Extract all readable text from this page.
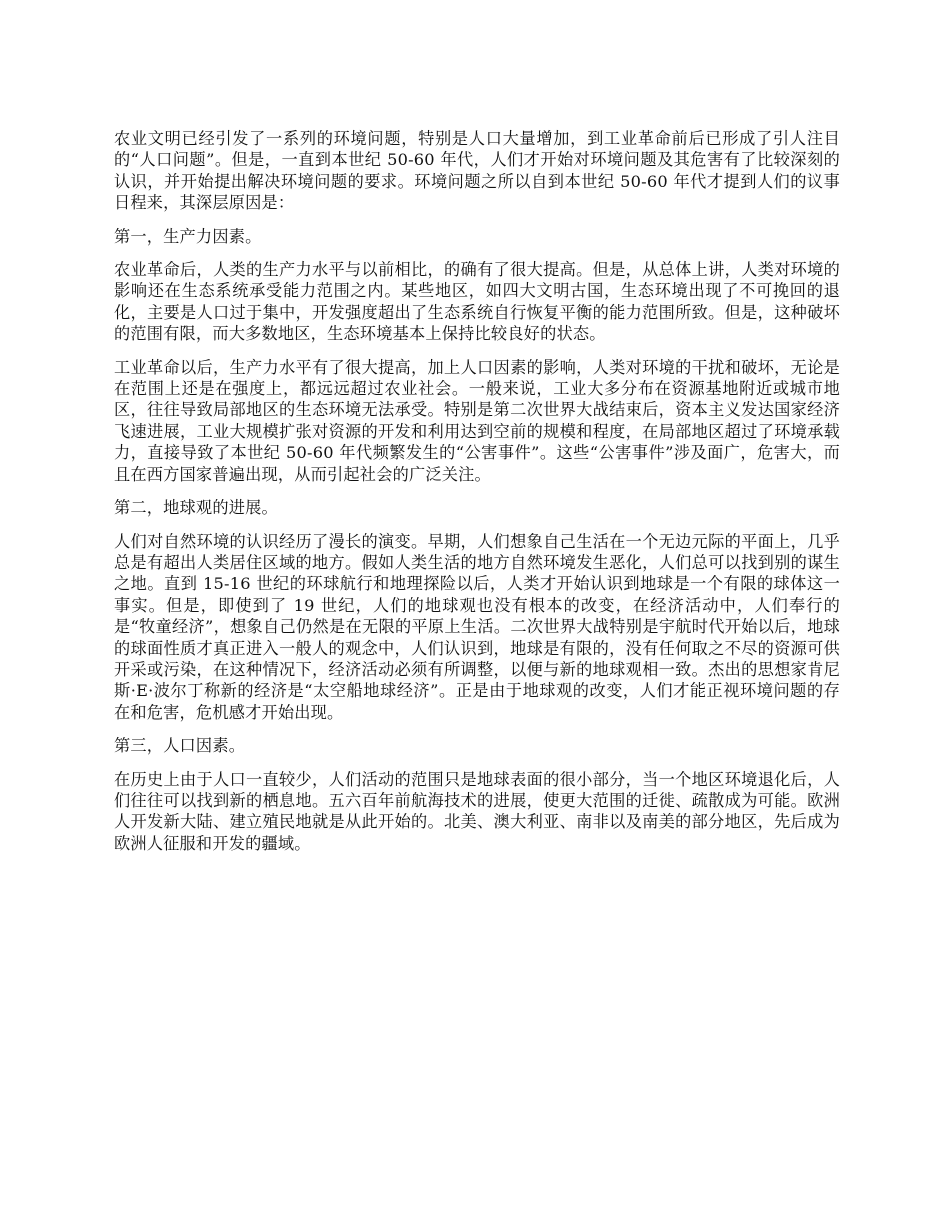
农业文明已经引发了一系列的环境问题，特别是人口大量增加，到工业革命前后已形成了引人注目的“人口问题”。但是，一直到本世纪 50-60 年代，人们才开始对环境问题及其危害有了比较深刻的认识，并开始提出解决环境问题的要求。环境问题之所以自到本世纪 50-60 年代才提到人们的议事日程来，其深层原因是：

第一，生产力因素。

农业革命后，人类的生产力水平与以前相比，的确有了很大提高。但是，从总体上讲，人类对环境的影响还在生态系统承受能力范围之内。某些地区，如四大文明古国，生态环境出现了不可挽回的退化，主要是人口过于集中，开发强度超出了生态系统自行恢复平衡的能力范围所致。但是，这种破坏的范围有限，而大多数地区，生态环境基本上保持比较良好的状态。

工业革命以后，生产力水平有了很大提高，加上人口因素的影响，人类对环境的干扰和破坏，无论是在范围上还是在强度上，都远远超过农业社会。一般来说，工业大多分布在资源基地附近或城市地区，往往导致局部地区的生态环境无法承受。特别是第二次世界大战结束后，资本主义发达国家经济飞速进展，工业大规模扩张对资源的开发和利用达到空前的规模和程度，在局部地区超过了环境承载力，直接导致了本世纪 50-60 年代频繁发生的“公害事件”。这些“公害事件”涉及面广，危害大，而且在西方国家普遍出现，从而引起社会的广泛关注。

第二，地球观的进展。

人们对自然环境的认识经历了漫长的演变。早期，人们想象自己生活在一个无边元际的平面上，几乎总是有超出人类居住区域的地方。假如人类生活的地方自然环境发生恶化，人们总可以找到别的谋生之地。直到 15-16 世纪的环球航行和地理探险以后，人类才开始认识到地球是一个有限的球体这一事实。但是，即使到了 19 世纪，人们的地球观也没有根本的改变，在经济活动中，人们奉行的是“牧童经济”，想象自己仍然是在无限的平原上生活。二次世界大战特别是宇航时代开始以后，地球的球面性质才真正进入一般人的观念中，人们认识到，地球是有限的，没有任何取之不尽的资源可供开采或污染，在这种情况下，经济活动必须有所调整，以便与新的地球观相一致。杰出的思想家肯尼斯·E·波尔丁称新的经济是“太空船地球经济”。正是由于地球观的改变，人们才能正视环境问题的存在和危害，危机感才开始出现。

第三，人口因素。

在历史上由于人口一直较少，人们活动的范围只是地球表面的很小部分，当一个地区环境退化后，人们往往可以找到新的栖息地。五六百年前航海技术的进展，使更大范围的迁徙、疏散成为可能。欧洲人开发新大陆、建立殖民地就是从此开始的。北美、澳大利亚、南非以及南美的部分地区，先后成为欧洲人征服和开发的疆域。
